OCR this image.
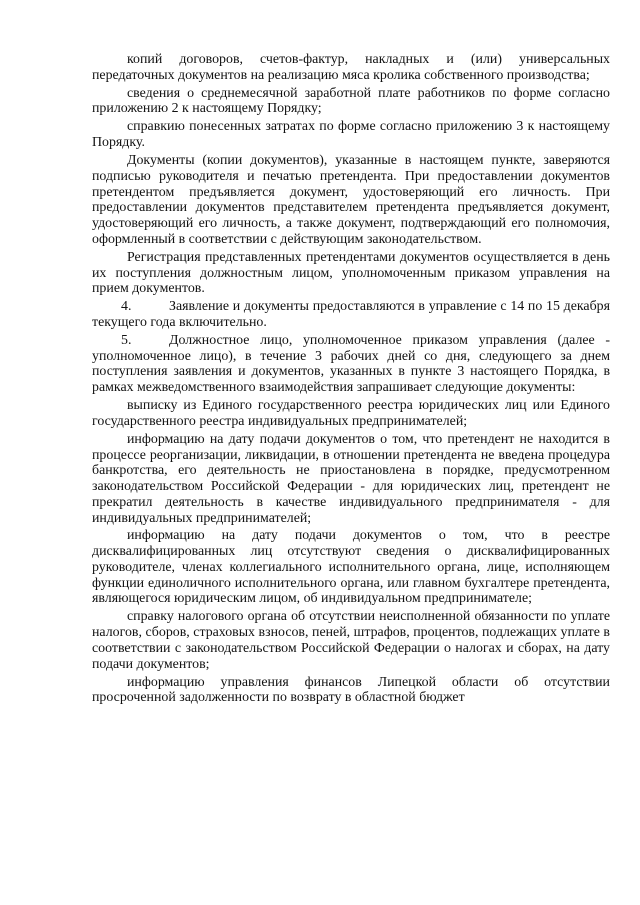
копий договоров, счетов-фактур, накладных и (или) универсальных передаточных документов на реализацию мяса кролика собственного производства;

сведения о среднемесячной заработной плате работников по форме согласно приложению 2 к настоящему Порядку;

справкию понесенных затратах по форме согласно приложению 3 к настоящему Порядку.

Документы (копии документов), указанные в настоящем пункте, заверяются подписью руководителя и печатью претендента. При предоставлении документов претендентом предъявляется документ, удостоверяющий его личность. При предоставлении документов представителем претендента предъявляется документ, удостоверяющий его личность, а также документ, подтверждающий его полномочия, оформленный в соответствии с действующим законодательством.

Регистрация представленных претендентами документов осуществляется в день их поступления должностным лицом, уполномоченным приказом управления на прием документов.

4.	Заявление и документы предоставляются в управление с 14 по 15 декабря текущего года включительно.

5.	Должностное лицо, уполномоченное приказом управления (далее - уполномоченное лицо), в течение 3 рабочих дней со дня, следующего за днем поступления заявления и документов, указанных в пункте 3 настоящего Порядка, в рамках межведомственного взаимодействия запрашивает следующие документы:

выписку из Единого государственного реестра юридических лиц или Единого государственного реестра индивидуальных предпринимателей;

информацию на дату подачи документов о том, что претендент не находится в процессе реорганизации, ликвидации, в отношении претендента не введена процедура банкротства, его деятельность не приостановлена в порядке, предусмотренном законодательством Российской Федерации - для юридических лиц, претендент не прекратил деятельность в качестве индивидуального предпринимателя - для индивидуальных предпринимателей;

информацию на дату подачи документов о том, что в реестре дисквалифицированных лиц отсутствуют сведения о дисквалифицированных руководителе, членах коллегиального исполнительного органа, лице, исполняющем функции единоличного исполнительного органа, или главном бухгалтере претендента, являющегося юридическим лицом, об индивидуальном предпринимателе;

справку налогового органа об отсутствии неисполненной обязанности по уплате налогов, сборов, страховых взносов, пеней, штрафов, процентов, подлежащих уплате в соответствии с законодательством Российской Федерации о налогах и сборах, на дату подачи документов;

информацию управления финансов Липецкой области об отсутствии просроченной задолженности по возврату в областной бюджет
